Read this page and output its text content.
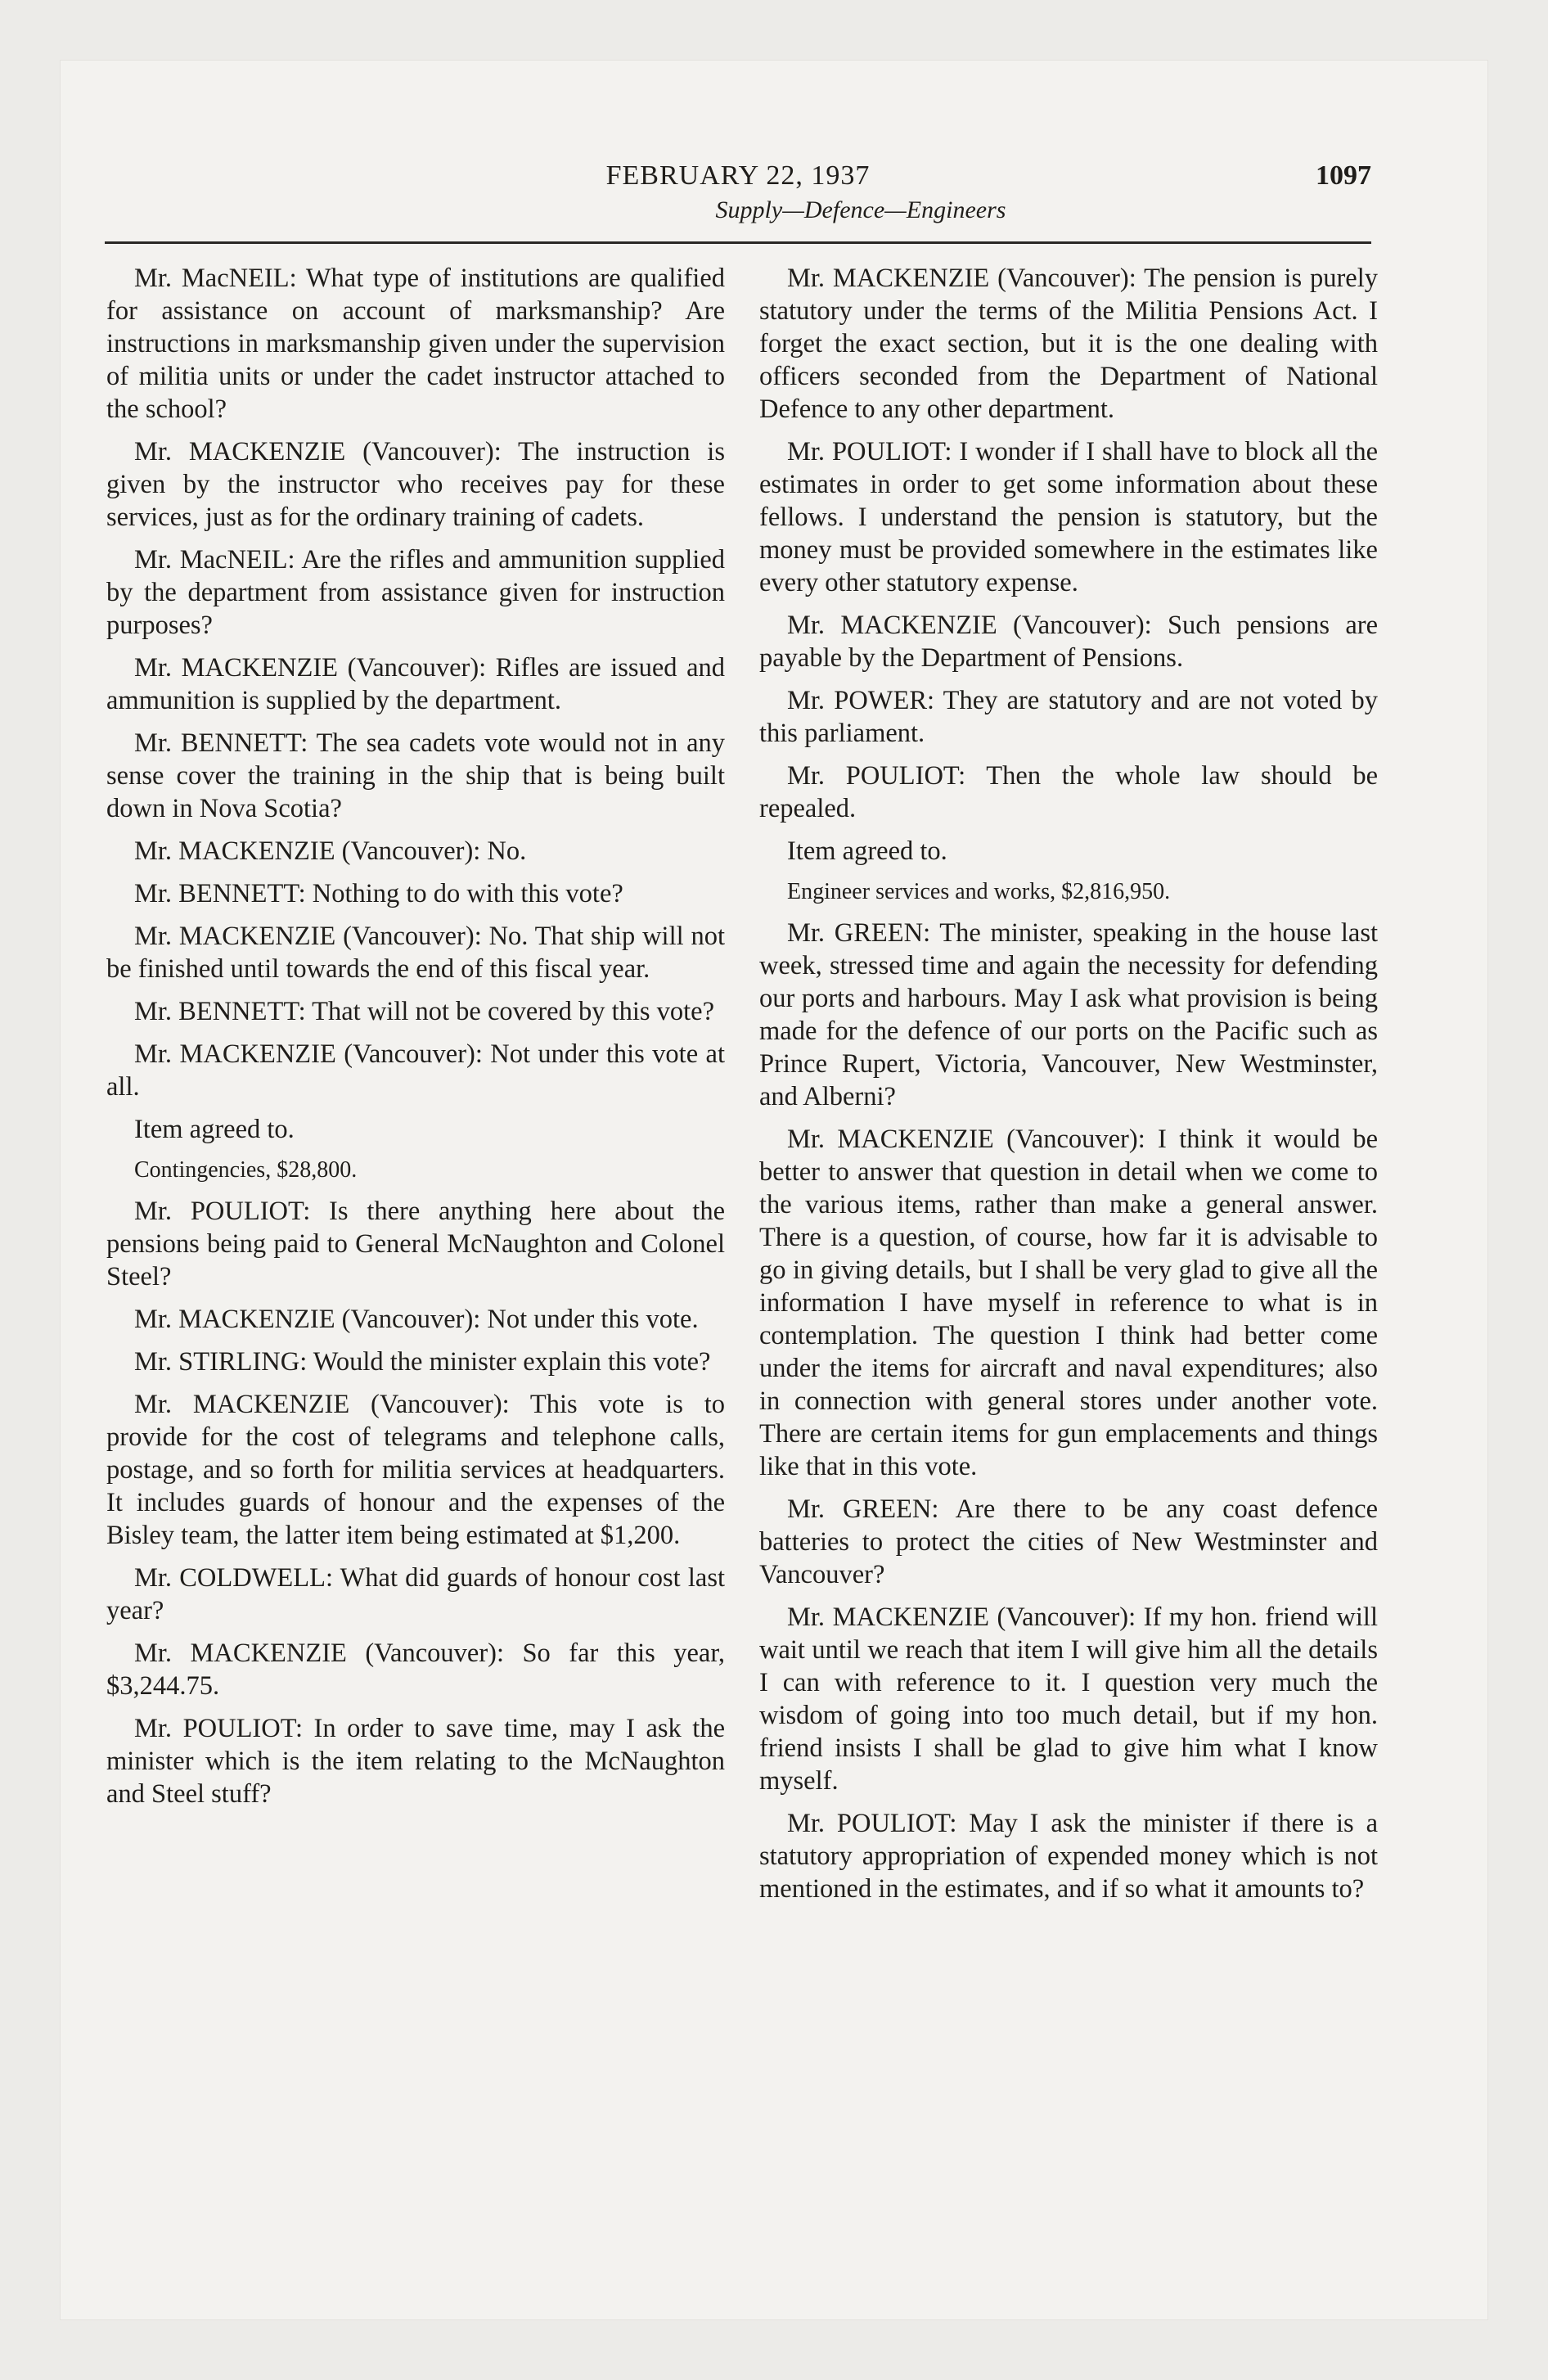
FEBRUARY 22, 1937	1097
Supply—Defence—Engineers

Mr. MacNEIL: What type of institutions are qualified for assistance on account of marksmanship? Are instructions in marksmanship given under the supervision of militia units or under the cadet instructor attached to the school?

Mr. MACKENZIE (Vancouver): The instruction is given by the instructor who receives pay for these services, just as for the ordinary training of cadets.

Mr. MacNEIL: Are the rifles and ammunition supplied by the department from assistance given for instruction purposes?

Mr. MACKENZIE (Vancouver): Rifles are issued and ammunition is supplied by the department.

Mr. BENNETT: The sea cadets vote would not in any sense cover the training in the ship that is being built down in Nova Scotia?

Mr. MACKENZIE (Vancouver): No.

Mr. BENNETT: Nothing to do with this vote?

Mr. MACKENZIE (Vancouver): No. That ship will not be finished until towards the end of this fiscal year.

Mr. BENNETT: That will not be covered by this vote?

Mr. MACKENZIE (Vancouver): Not under this vote at all.

Item agreed to.

Contingencies, $28,800.

Mr. POULIOT: Is there anything here about the pensions being paid to General McNaughton and Colonel Steel?

Mr. MACKENZIE (Vancouver): Not under this vote.

Mr. STIRLING: Would the minister explain this vote?

Mr. MACKENZIE (Vancouver): This vote is to provide for the cost of telegrams and telephone calls, postage, and so forth for militia services at headquarters. It includes guards of honour and the expenses of the Bisley team, the latter item being estimated at $1,200.

Mr. COLDWELL: What did guards of honour cost last year?

Mr. MACKENZIE (Vancouver): So far this year, $3,244.75.

Mr. POULIOT: In order to save time, may I ask the minister which is the item relating to the McNaughton and Steel stuff?

Mr. MACKENZIE (Vancouver): The pension is purely statutory under the terms of the Militia Pensions Act. I forget the exact section, but it is the one dealing with officers seconded from the Department of National Defence to any other department.

Mr. POULIOT: I wonder if I shall have to block all the estimates in order to get some information about these fellows. I understand the pension is statutory, but the money must be provided somewhere in the estimates like every other statutory expense.

Mr. MACKENZIE (Vancouver): Such pensions are payable by the Department of Pensions.

Mr. POWER: They are statutory and are not voted by this parliament.

Mr. POULIOT: Then the whole law should be repealed.

Item agreed to.

Engineer services and works, $2,816,950.

Mr. GREEN: The minister, speaking in the house last week, stressed time and again the necessity for defending our ports and harbours. May I ask what provision is being made for the defence of our ports on the Pacific such as Prince Rupert, Victoria, Vancouver, New Westminster, and Alberni?

Mr. MACKENZIE (Vancouver): I think it would be better to answer that question in detail when we come to the various items, rather than make a general answer. There is a question, of course, how far it is advisable to go in giving details, but I shall be very glad to give all the information I have myself in reference to what is in contemplation. The question I think had better come under the items for aircraft and naval expenditures; also in connection with general stores under another vote. There are certain items for gun emplacements and things like that in this vote.

Mr. GREEN: Are there to be any coast defence batteries to protect the cities of New Westminster and Vancouver?

Mr. MACKENZIE (Vancouver): If my hon. friend will wait until we reach that item I will give him all the details I can with reference to it. I question very much the wisdom of going into too much detail, but if my hon. friend insists I shall be glad to give him what I know myself.

Mr. POULIOT: May I ask the minister if there is a statutory appropriation of expended money which is not mentioned in the estimates, and if so what it amounts to?
